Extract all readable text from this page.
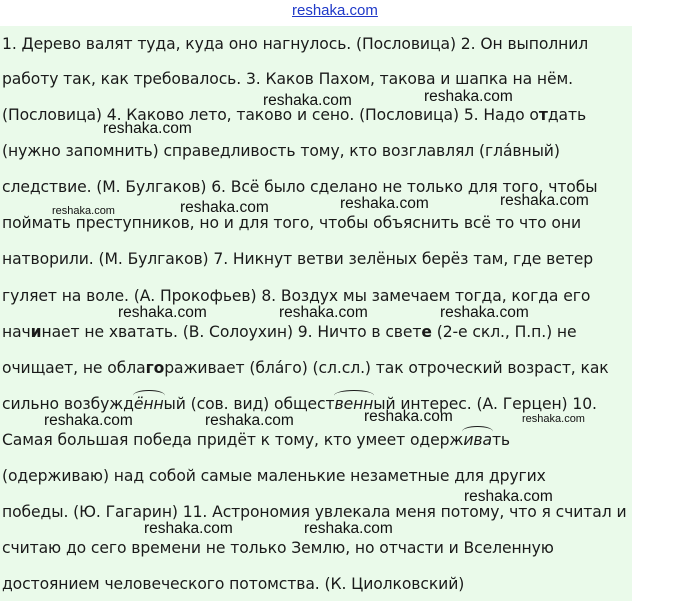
reshaka.com
1. Дерево валят туда, куда оно нагнулось. (Пословица) 2. Он выполнил
работу так, как требовалось. 3. Каков Пахом, такова и шапка на нём.
(Пословица) 4. Каково лето, таково и сено. (Пословица) 5. Надо отдать
(нужно запомнить) справедливость тому, кто возглавлял (гла́вный)
следствие. (М. Булгаков) 6. Всё было сделано не только для того, чтобы
поймать преступников, но и для того, чтобы объяснить всё то что они
натворили. (М. Булгаков) 7. Никнут ветви зелёных берёз там, где ветер
гуляет на воле. (А. Прокофьев) 8. Воздух мы замечаем тогда, когда его
начинает не хватать. (В. Солоухин) 9. Ничто в свете (2-е скл., П.п.) не
очищает, не облагораживает (бла́го) (сл.сл.) так отроческий возраст, как
сильно возбуждённый (сов. вид) общественный интерес. (А. Герцен) 10.
Самая большая победа придёт к тому, кто умеет одерживать
(одерживаю) над собой самые маленькие незаметные для других
победы. (Ю. Гагарин) 11. Астрономия увлекала меня потому, что я считал и
считаю до сего времени не только Землю, но отчасти и Вселенную
достоянием человеческого потомства. (К. Циолковский)
reshaka.com	reshaka.com
reshaka.com
reshaka.com	reshaka.com	reshaka.com	reshaka.com
reshaka.com	reshaka.com	reshaka.com
reshaka.com	reshaka.com	reshaka.com	reshaka.com
reshaka.com
reshaka.com	reshaka.com
